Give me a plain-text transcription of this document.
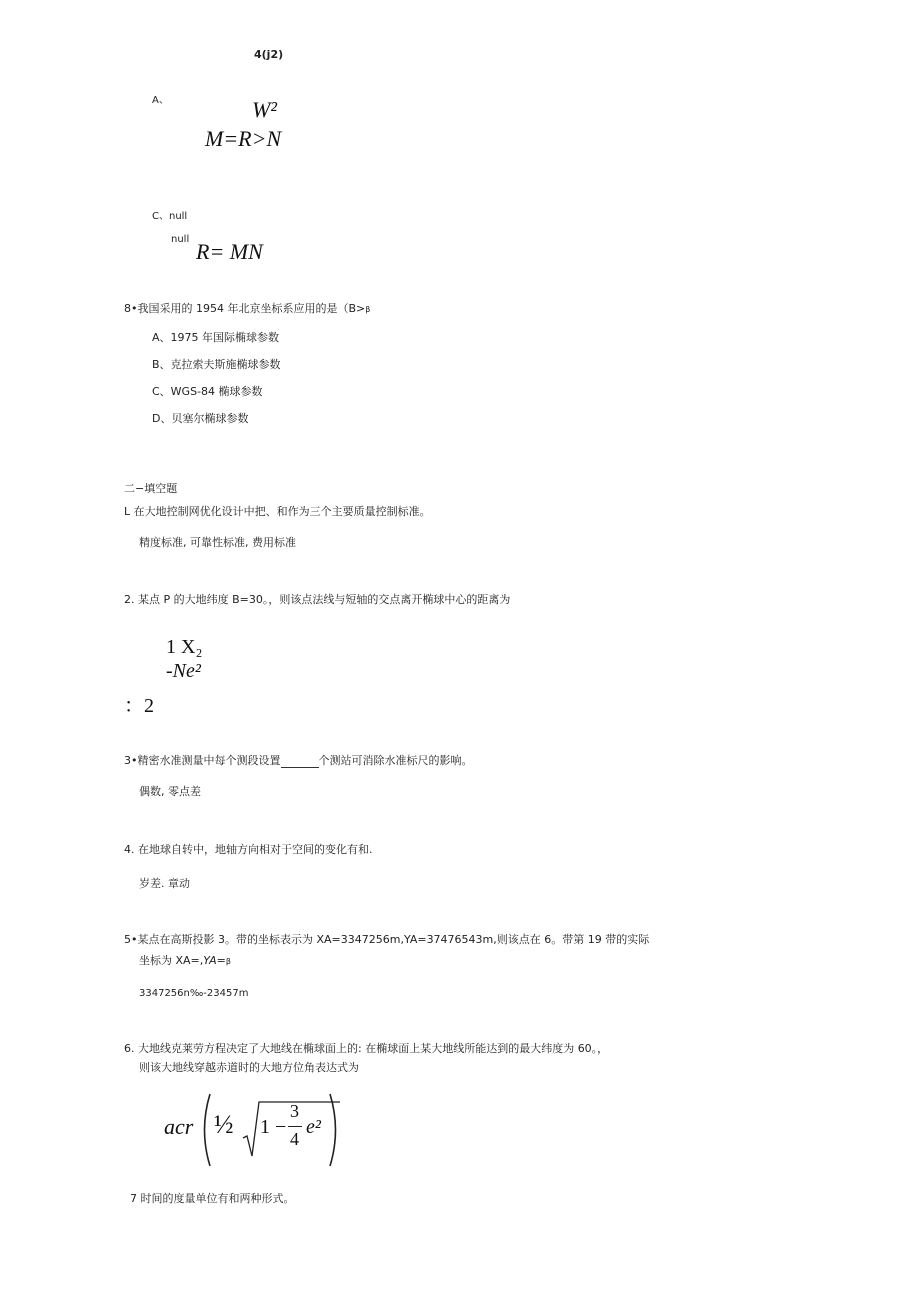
4(j2)
A、	W²
M=R>N
C、null
null R= MN
8•我国采用的 1954 年北京坐标系应用的是（B>β
A、1975 年国际椭球参数
B、克拉索夫斯施椭球参数
C、WGS-84 椭球参数
D、贝塞尔椭球参数
二−填空题
L 在大地控制网优化设计中把、和作为三个主要质量控制标准。
精度标准, 可靠性标准, 费用标准
2. 某点 P 的大地纬度 B=30。，则该点法线与短轴的交点离开椭球中心的距离为
1 X₂
-Ne²
：2
3•精密水准测量中每个测段设置	个测站可消除水准标尺的影响。
偶数, 零点差
4. 在地球自转中，地轴方向相对于空间的变化有和.
岁差. 章动
5•某点在高斯投影 3。带的坐标表示为 XA=3347256m,YA=37476543m,则该点在 6。带第 19 带的实际
坐标为 XA=,YA=β
3347256n‰-23457m
6. 大地线克莱劳方程决定了大地线在椭球面上的: 在椭球面上某大地线所能达到的最大纬度为 60。，
则该大地线穿越赤道时的大地方位角表达式为
acr ½ 1 −
3
4
e²
7 时间的度量单位有和两种形式。
